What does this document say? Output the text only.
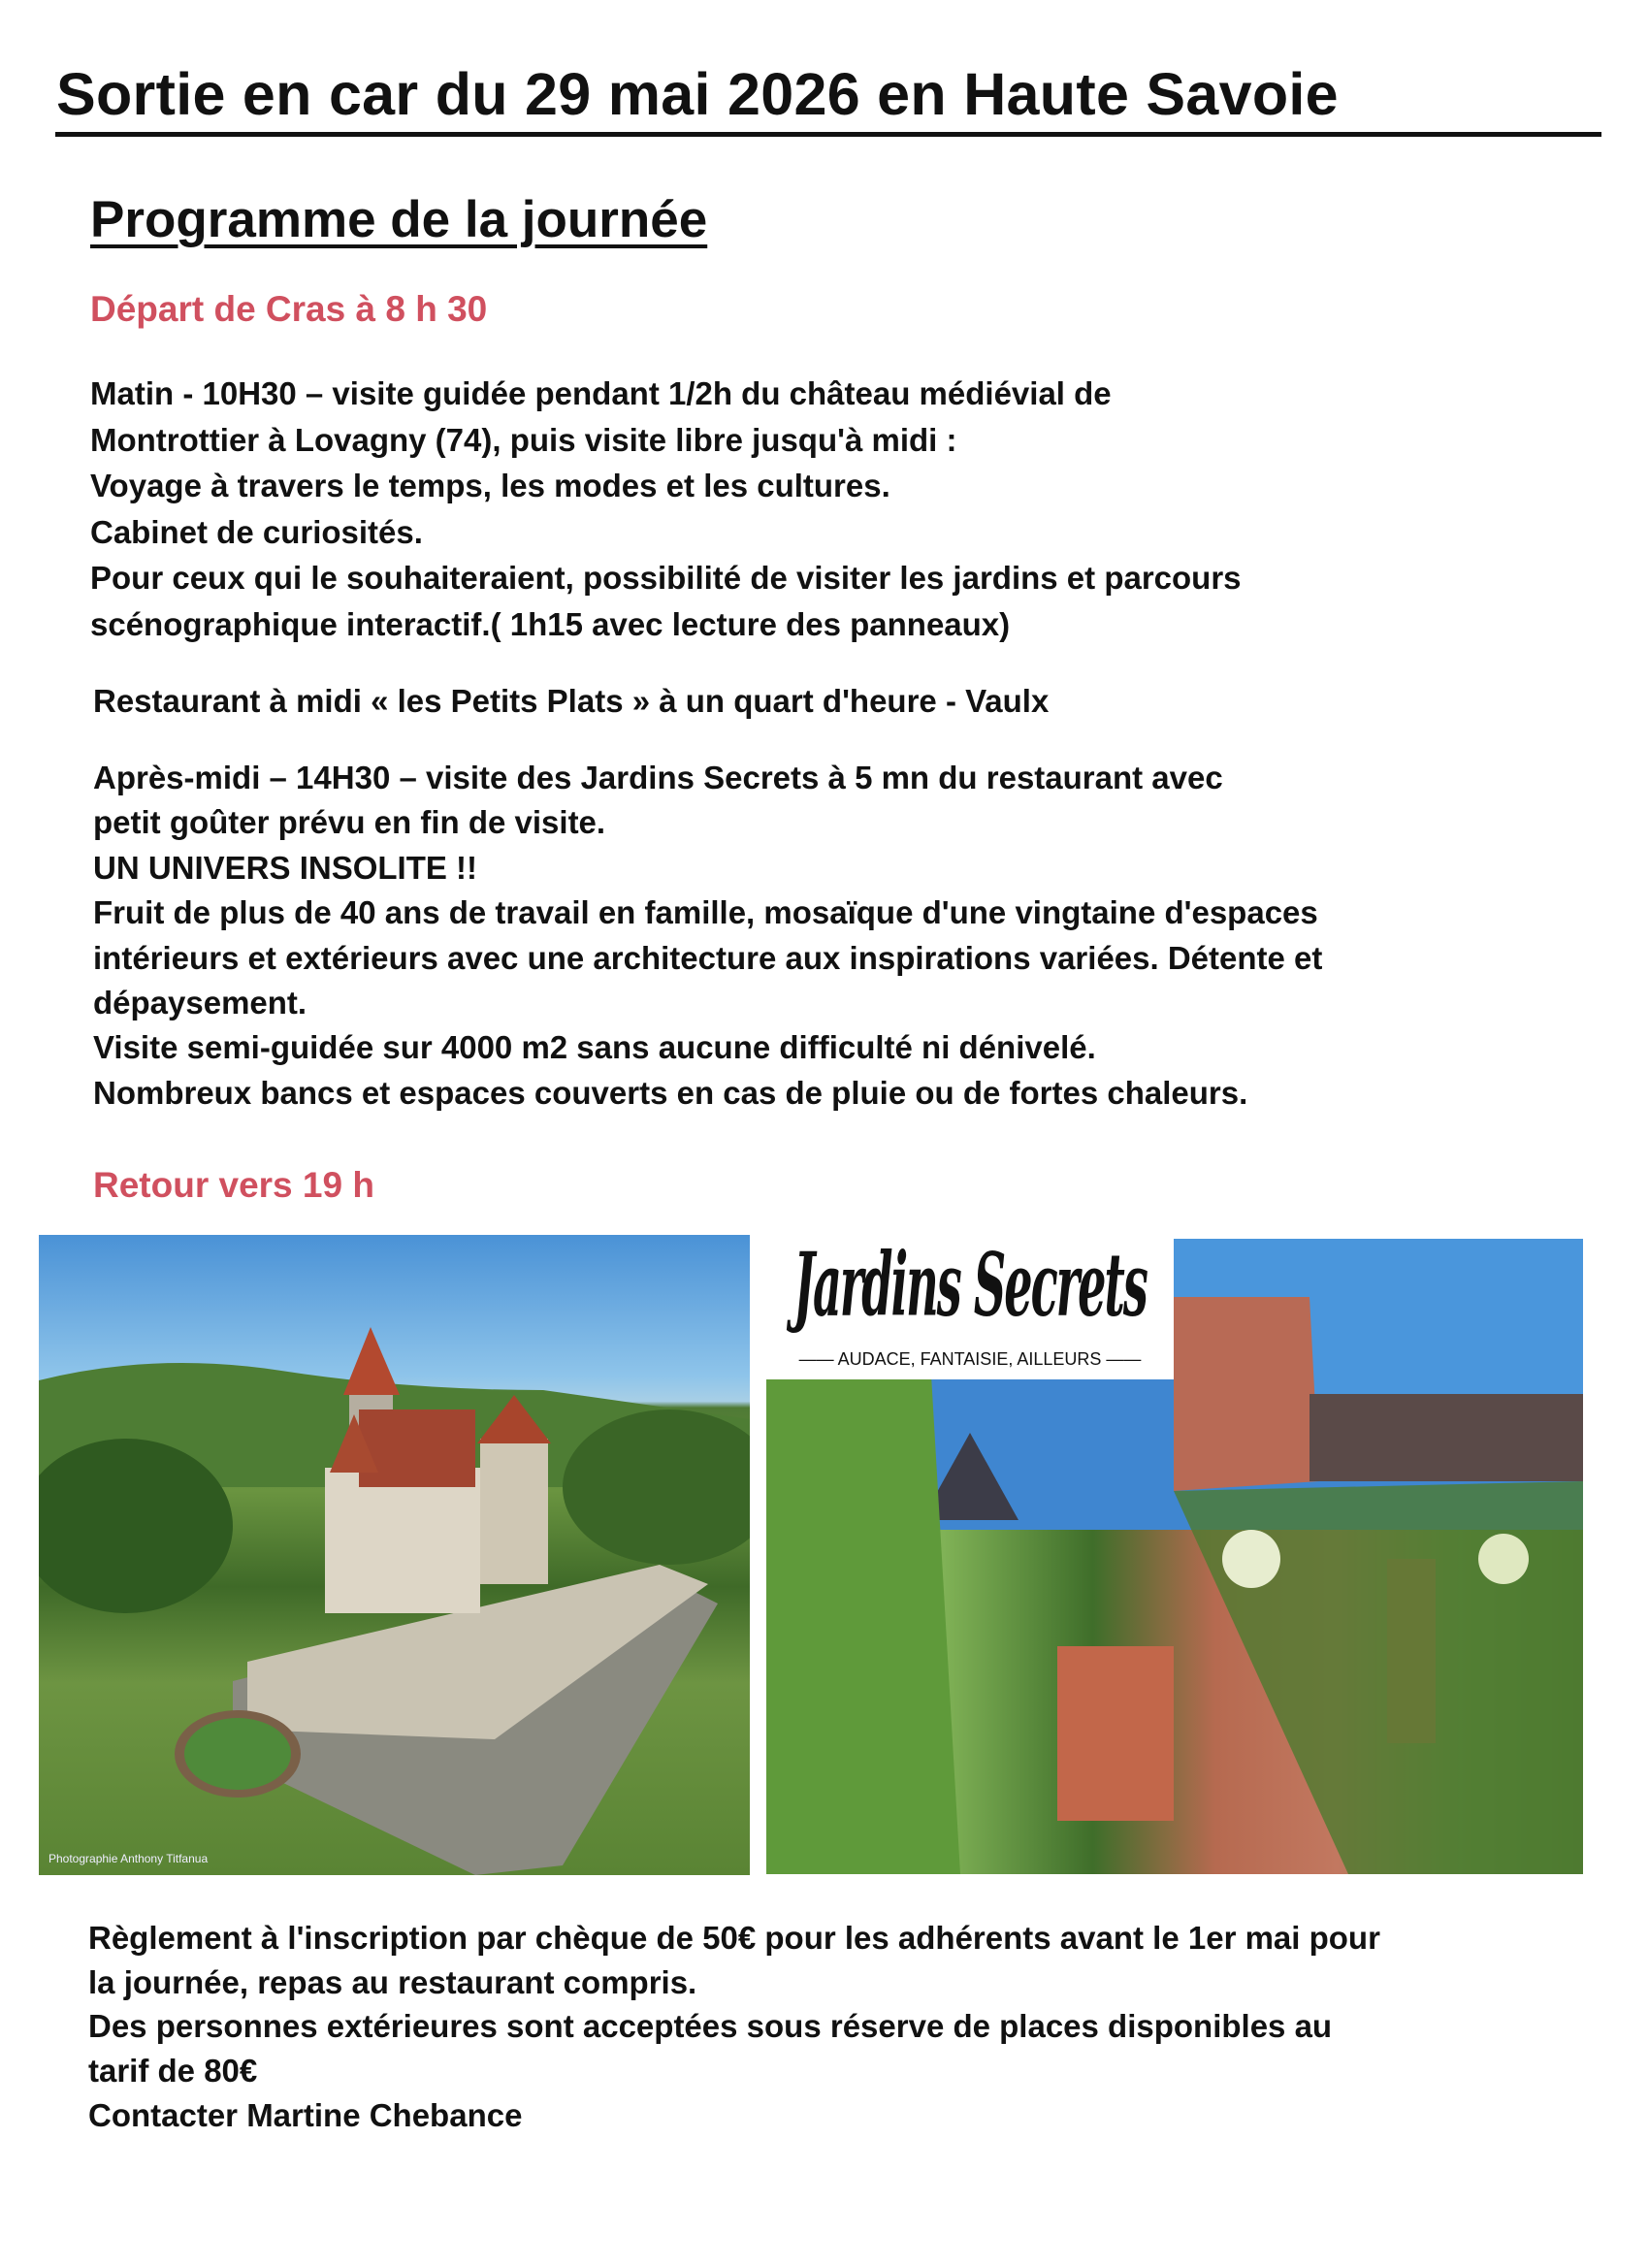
Sortie en car du 29 mai 2026 en Haute Savoie
Programme de la journée
Départ de Cras à 8 h 30
Matin - 10H30 – visite guidée pendant 1/2h du château médiévial de
Montrottier à Lovagny (74), puis visite libre jusqu'à midi :
Voyage à travers le temps, les modes et les cultures.
Cabinet de curiosités.
Pour ceux qui le souhaiteraient, possibilité de visiter les jardins et parcours
scénographique interactif.( 1h15 avec lecture des panneaux)
Restaurant à midi « les Petits Plats » à un quart d'heure - Vaulx
Après-midi – 14H30 – visite des Jardins Secrets à 5 mn du restaurant avec
petit goûter prévu en fin de visite.
UN UNIVERS INSOLITE !!
Fruit de plus de 40 ans de travail en famille, mosaïque d'une vingtaine d'espaces
intérieurs et extérieurs avec une architecture aux inspirations variées. Détente et
dépaysement.
Visite semi-guidée sur 4000 m2 sans aucune difficulté ni dénivelé.
Nombreux bancs et espaces couverts en cas de pluie ou de fortes chaleurs.
Retour vers 19 h
Photographie Anthony Titfanua
Jardins Secrets
—— AUDACE, FANTAISIE, AILLEURS ——
Règlement à l'inscription par chèque de 50€ pour les adhérents avant le 1er mai pour
la journée, repas au restaurant compris.
Des personnes extérieures sont acceptées sous réserve de places disponibles au
tarif de 80€
Contacter Martine Chebance
